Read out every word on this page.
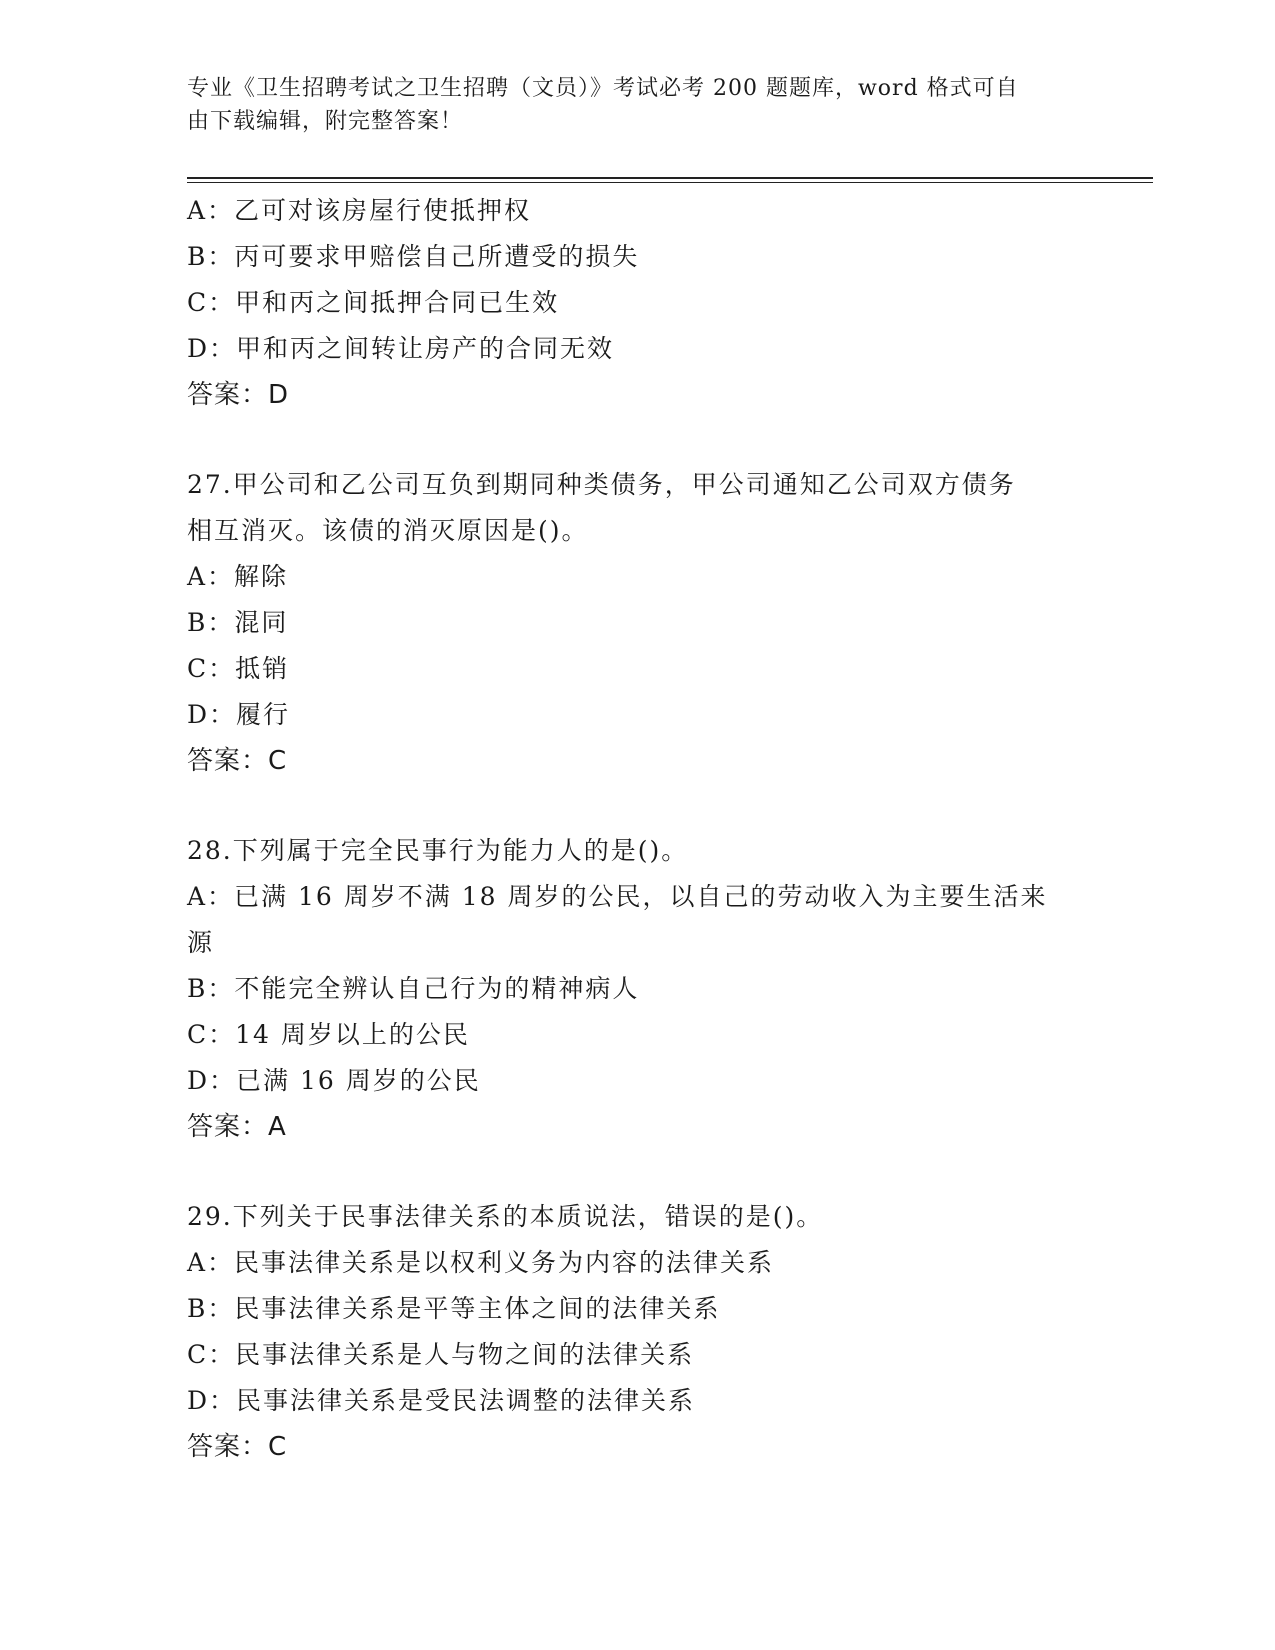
专业《卫生招聘考试之卫生招聘（文员）》考试必考 200 题题库，word 格式可自
由下载编辑，附完整答案！
A：乙可对该房屋行使抵押权
B：丙可要求甲赔偿自己所遭受的损失
C：甲和丙之间抵押合同已生效
D：甲和丙之间转让房产的合同无效
答案：D
27.甲公司和乙公司互负到期同种类债务，甲公司通知乙公司双方债务
相互消灭。该债的消灭原因是()。
A：解除
B：混同
C：抵销
D：履行
答案：C
28.下列属于完全民事行为能力人的是()。
A：已满 16 周岁不满 18 周岁的公民，以自己的劳动收入为主要生活来
源
B：不能完全辨认自己行为的精神病人
C：14 周岁以上的公民
D：已满 16 周岁的公民
答案：A
29.下列关于民事法律关系的本质说法，错误的是()。
A：民事法律关系是以权利义务为内容的法律关系
B：民事法律关系是平等主体之间的法律关系
C：民事法律关系是人与物之间的法律关系
D：民事法律关系是受民法调整的法律关系
答案：C
